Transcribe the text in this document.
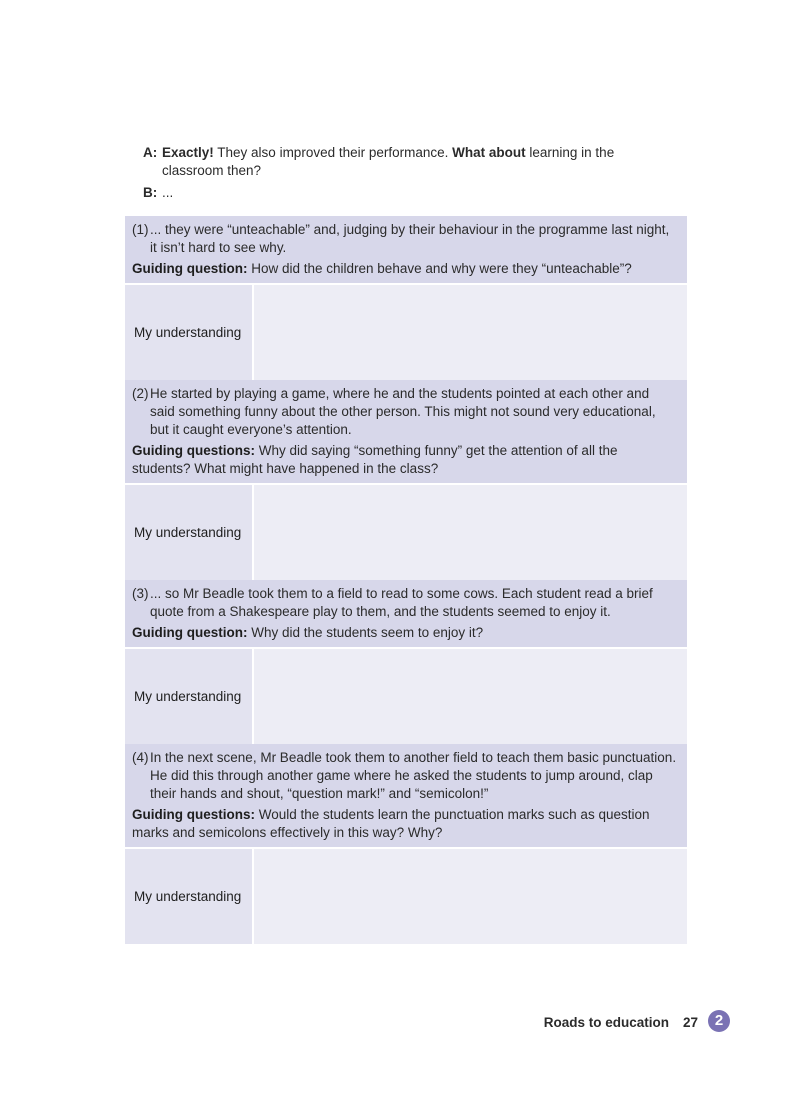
A: Exactly! They also improved their performance. What about learning in the classroom then?
B: ...
(1) ... they were “unteachable” and, judging by their behaviour in the programme last night, it isn’t hard to see why.
Guiding question: How did the children behave and why were they “unteachable”?
My understanding
(2) He started by playing a game, where he and the students pointed at each other and said something funny about the other person. This might not sound very educational, but it caught everyone’s attention.
Guiding questions: Why did saying “something funny” get the attention of all the students? What might have happened in the class?
My understanding
(3) ... so Mr Beadle took them to a field to read to some cows. Each student read a brief quote from a Shakespeare play to them, and the students seemed to enjoy it.
Guiding question: Why did the students seem to enjoy it?
My understanding
(4) In the next scene, Mr Beadle took them to another field to teach them basic punctuation. He did this through another game where he asked the students to jump around, clap their hands and shout, “question mark!” and “semicolon!”
Guiding questions: Would the students learn the punctuation marks such as question marks and semicolons effectively in this way? Why?
My understanding
Roads to education 27	2
